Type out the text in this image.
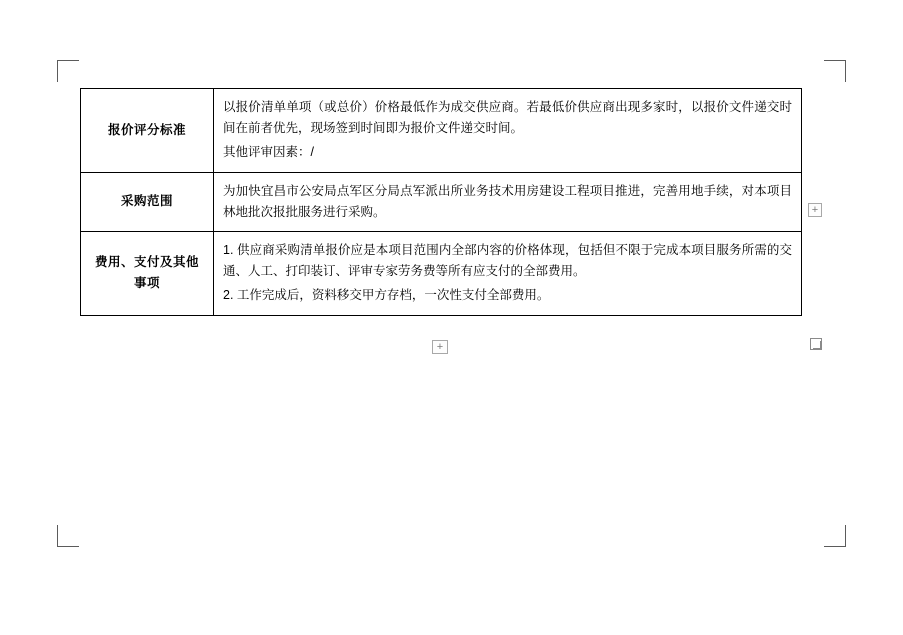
报价评分标准	以报价清单单项（或总价）价格最低作为成交供应商。若最低价供应商出现多家时，以报价文件递交时间在前者优先，现场签到时间即为报价文件递交时间。

其他评审因素：/

采购范围	为加快宜昌市公安局点军区分局点军派出所业务技术用房建设工程项目推进，完善用地手续，对本项目林地批次报批服务进行采购。

费用、支付及其他事项	1. 供应商采购清单报价应是本项目范围内全部内容的价格体现，包括但不限于完成本项目服务所需的交通、人工、打印装订、评审专家劳务费等所有应支付的全部费用。

2. 工作完成后，资料移交甲方存档，一次性支付全部费用。

+
+
